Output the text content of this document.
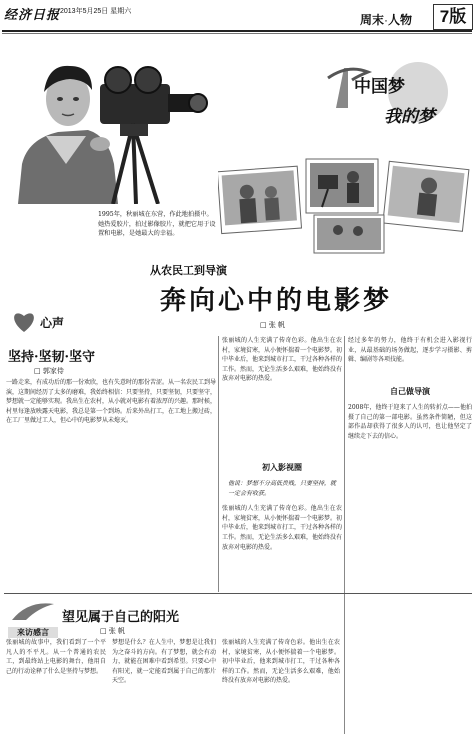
经济日报 2013年5月25日 星期六
周末·人物	7版
1995年，秋丽城在东营，作此地拍摄中。她热爱胶片，拍过影像胶片，就把它用于设置和电影，是她最大的幸福。
中国梦
我的梦
从农民工到导演
奔向心中的电影梦
□ 张 帆
心声
坚持·坚韧·坚守
□ 郭家侍
一路走来，有成功后的那一份欢欣，也有失意时的那份苦涩。从一名农民工到导演，这期间经历了太多的磨难，我始终相信：只要坚持，只要坚韧，只要坚守，梦想就一定能够实现。我出生在农村，从小就对电影有着浓厚的兴趣。那时候，村里每逢放映露天电影，我总是第一个到场。后来外出打工，在工地上搬过砖，在工厂里做过工人，但心中的电影梦从未熄灭。
张丽城的人生充满了传奇色彩。他出生在农村，家境贫寒，从小便怀揣着一个电影梦。初中毕业后，他来到城市打工，干过各种各样的工作。然而，无论生活多么艰难，他始终没有放弃对电影的热爱。
初入影视圈
他说：梦想不分高低贵贱，只要坚持，就一定会有收获。
张丽城的人生充满了传奇色彩。他出生在农村，家境贫寒，从小便怀揣着一个电影梦。初中毕业后，他来到城市打工，干过各种各样的工作。然而，无论生活多么艰难，他始终没有放弃对电影的热爱。
经过多年的努力，他终于有机会进入影视行业，从最基础的场务做起，逐步学习摄影、剪辑、编剧等各项技能。
自己做导演
2008年，他终于迎来了人生的转折点——他拍摄了自己的第一部电影。虽然条件简陋，但这部作品却获得了很多人的认可，也让他坚定了继续走下去的信心。
来访感言
望见属于自己的阳光
□ 张 帆
张丽城的故事中，我们看到了一个平凡人的不平凡。从一个普通的农民工，到最终站上电影的舞台，他用自己的行动诠释了什么是坚持与梦想。
梦想是什么？在人生中，梦想是让我们为之奋斗的方向。有了梦想，就会有动力，就能在困难中看到希望。只要心中有阳光，就一定能看到属于自己的那片天空。
张丽城的人生充满了传奇色彩。他出生在农村，家境贫寒，从小便怀揣着一个电影梦。初中毕业后，他来到城市打工，干过各种各样的工作。然而，无论生活多么艰难，他始终没有放弃对电影的热爱。
